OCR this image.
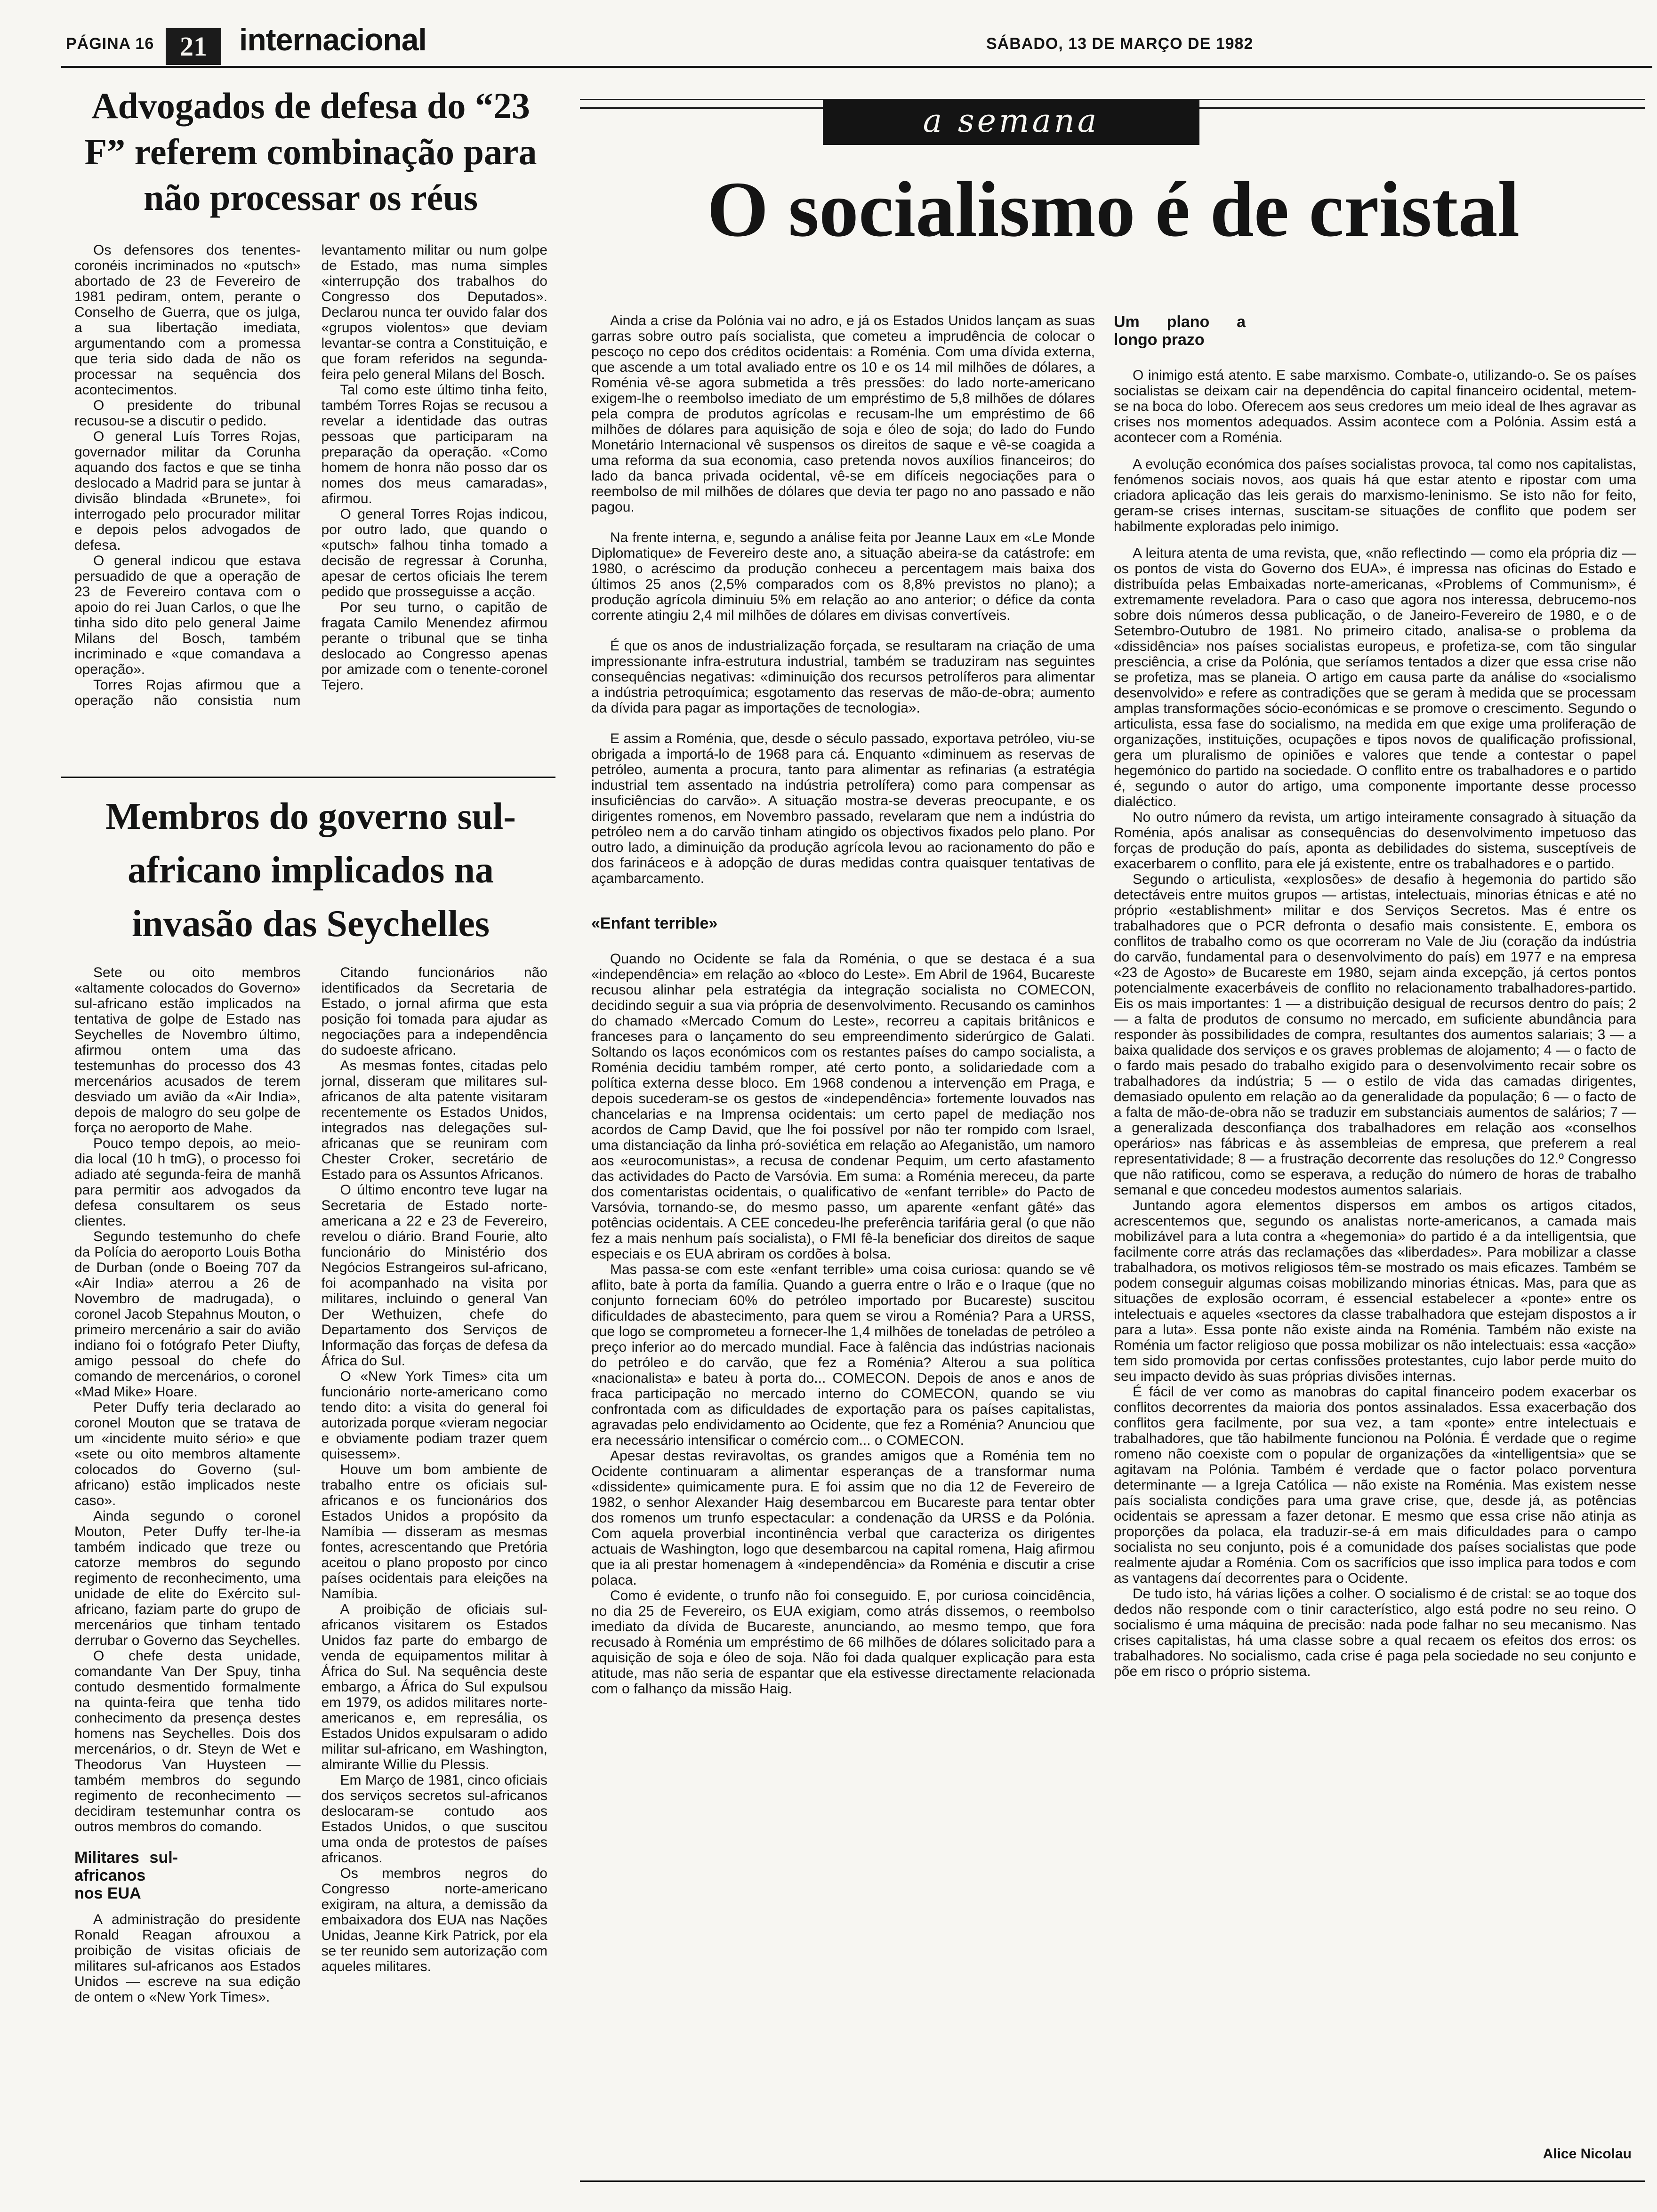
PÁGINA 16 21	internacional	SÁBADO, 13 DE MARÇO DE 1982
Advogados de defesa do “23 F” referem combinação para não processar os réus

Os defensores dos tenentes-coronéis incriminados no «putsch» abortado de 23 de Fevereiro de 1981 pediram, ontem, perante o Conselho de Guerra, que os julga, a sua libertação imediata, argumentando com a promessa que teria sido dada de não os processar na sequência dos acontecimentos.

O presidente do tribunal recusou-se a discutir o pedido.

O general Luís Torres Rojas, governador militar da Corunha aquando dos factos e que se tinha deslocado a Madrid para se juntar à divisão blindada «Brunete», foi interrogado pelo procurador militar e depois pelos advogados de defesa.

O general indicou que estava persuadido de que a operação de 23 de Fevereiro contava com o apoio do rei Juan Carlos, o que lhe tinha sido dito pelo general Jaime Milans del Bosch, também incriminado e «que comandava a operação».

Torres Rojas afirmou que a operação não consistia num levantamento militar ou num golpe de Estado, mas numa simples «interrupção dos trabalhos do Congresso dos Deputados». Declarou nunca ter ouvido falar dos «grupos violentos» que deviam levantar-se contra a Constituição, e que foram referidos na segunda-feira pelo general Milans del Bosch.

Tal como este último tinha feito, também Torres Rojas se recusou a revelar a identidade das outras pessoas que participaram na preparação da operação. «Como homem de honra não posso dar os nomes dos meus camaradas», afirmou.

O general Torres Rojas indicou, por outro lado, que quando o «putsch» falhou tinha tomado a decisão de regressar à Corunha, apesar de certos oficiais lhe terem pedido que prosseguisse a acção.

Por seu turno, o capitão de fragata Camilo Menendez afirmou perante o tribunal que se tinha deslocado ao Congresso apenas por amizade com o tenente-coronel Tejero.

Membros do governo sul-africano implicados na invasão das Seychelles

Sete ou oito membros «altamente colocados do Governo» sul-africano estão implicados na tentativa de golpe de Estado nas Seychelles de Novembro último, afirmou ontem uma das testemunhas do processo dos 43 mercenários acusados de terem desviado um avião da «Air India», depois de malogro do seu golpe de força no aeroporto de Mahe.

Pouco tempo depois, ao meio-dia local (10 h tmG), o processo foi adiado até segunda-feira de manhã para permitir aos advogados da defesa consultarem os seus clientes.

Segundo testemunho do chefe da Polícia do aeroporto Louis Botha de Durban (onde o Boeing 707 da «Air India» aterrou a 26 de Novembro de madrugada), o coronel Jacob Stepahnus Mouton, o primeiro mercenário a sair do avião indiano foi o fotógrafo Peter Diufty, amigo pessoal do chefe do comando de mercenários, o coronel «Mad Mike» Hoare.

Peter Duffy teria declarado ao coronel Mouton que se tratava de um «incidente muito sério» e que «sete ou oito membros altamente colocados do Governo (sul-africano) estão implicados neste caso».

Ainda segundo o coronel Mouton, Peter Duffy ter-lhe-ia também indicado que treze ou catorze membros do segundo regimento de reconhecimento, uma unidade de elite do Exército sul-africano, faziam parte do grupo de mercenários que tinham tentado derrubar o Governo das Seychelles.

O chefe desta unidade, comandante Van Der Spuy, tinha contudo desmentido formalmente na quinta-feira que tenha tido conhecimento da presença destes homens nas Seychelles. Dois dos mercenários, o dr. Steyn de Wet e Theodorus Van Huysteen — também membros do segundo regimento de reconhecimento — decidiram testemunhar contra os outros membros do comando.

Militares sul-africanos nos EUA

A administração do presidente Ronald Reagan afrouxou a proibição de visitas oficiais de militares sul-africanos aos Estados Unidos — escreve na sua edição de ontem o «New York Times».

Citando funcionários não identificados da Secretaria de Estado, o jornal afirma que esta posição foi tomada para ajudar as negociações para a independência do sudoeste africano.

As mesmas fontes, citadas pelo jornal, disseram que militares sul-africanos de alta patente visitaram recentemente os Estados Unidos, integrados nas delegações sul-africanas que se reuniram com Chester Croker, secretário de Estado para os Assuntos Africanos.

O último encontro teve lugar na Secretaria de Estado norte-americana a 22 e 23 de Fevereiro, revelou o diário. Brand Fourie, alto funcionário do Ministério dos Negócios Estrangeiros sul-africano, foi acompanhado na visita por militares, incluindo o general Van Der Wethuizen, chefe do Departamento dos Serviços de Informação das forças de defesa da África do Sul.

O «New York Times» cita um funcionário norte-americano como tendo dito: a visita do general foi autorizada porque «vieram negociar e obviamente podiam trazer quem quisessem».

Houve um bom ambiente de trabalho entre os oficiais sul-africanos e os funcionários dos Estados Unidos a propósito da Namíbia — disseram as mesmas fontes, acrescentando que Pretória aceitou o plano proposto por cinco países ocidentais para eleições na Namíbia.

A proibição de oficiais sul-africanos visitarem os Estados Unidos faz parte do embargo de venda de equipamentos militar à África do Sul. Na sequência deste embargo, a África do Sul expulsou em 1979, os adidos militares norte-americanos e, em represália, os Estados Unidos expulsaram o adido militar sul-africano, em Washington, almirante Willie du Plessis.

Em Março de 1981, cinco oficiais dos serviços secretos sul-africanos deslocaram-se contudo aos Estados Unidos, o que suscitou uma onda de protestos de países africanos.

Os membros negros do Congresso norte-americano exigiram, na altura, a demissão da embaixadora dos EUA nas Nações Unidas, Jeanne Kirk Patrick, por ela se ter reunido sem autorização com aqueles militares.

a semana
O socialismo é de cristal

Ainda a crise da Polónia vai no adro, e já os Estados Unidos lançam as suas garras sobre outro país socialista, que cometeu a imprudência de colocar o pescoço no cepo dos créditos ocidentais: a Roménia. Com uma dívida externa, que ascende a um total avaliado entre os 10 e os 14 mil milhões de dólares, a Roménia vê-se agora submetida a três pressões: do lado norte-americano exigem-lhe o reembolso imediato de um empréstimo de 5,8 milhões de dólares pela compra de produtos agrícolas e recusam-lhe um empréstimo de 66 milhões de dólares para aquisição de soja e óleo de soja; do lado do Fundo Monetário Internacional vê suspensos os direitos de saque e vê-se coagida a uma reforma da sua economia, caso pretenda novos auxílios financeiros; do lado da banca privada ocidental, vê-se em difíceis negociações para o reembolso de mil milhões de dólares que devia ter pago no ano passado e não pagou.

Na frente interna, e, segundo a análise feita por Jeanne Laux em «Le Monde Diplomatique» de Fevereiro deste ano, a situação abeira-se da catástrofe: em 1980, o acréscimo da produção conheceu a percentagem mais baixa dos últimos 25 anos (2,5% comparados com os 8,8% previstos no plano); a produção agrícola diminuiu 5% em relação ao ano anterior; o défice da conta corrente atingiu 2,4 mil milhões de dólares em divisas convertíveis.

É que os anos de industrialização forçada, se resultaram na criação de uma impressionante infra-estrutura industrial, também se traduziram nas seguintes consequências negativas: «diminuição dos recursos petrolíferos para alimentar a indústria petroquímica; esgotamento das reservas de mão-de-obra; aumento da dívida para pagar as importações de tecnologia».

E assim a Roménia, que, desde o século passado, exportava petróleo, viu-se obrigada a importá-lo de 1968 para cá. Enquanto «diminuem as reservas de petróleo, aumenta a procura, tanto para alimentar as refinarias (a estratégia industrial tem assentado na indústria petrolífera) como para compensar as insuficiências do carvão». A situação mostra-se deveras preocupante, e os dirigentes romenos, em Novembro passado, revelaram que nem a indústria do petróleo nem a do carvão tinham atingido os objectivos fixados pelo plano. Por outro lado, a diminuição da produção agrícola levou ao racionamento do pão e dos farináceos e à adopção de duras medidas contra quaisquer tentativas de açambarcamento.

«Enfant terrible»

Quando no Ocidente se fala da Roménia, o que se destaca é a sua «independência» em relação ao «bloco do Leste». Em Abril de 1964, Bucareste recusou alinhar pela estratégia da integração socialista no COMECON, decidindo seguir a sua via própria de desenvolvimento. Recusando os caminhos do chamado «Mercado Comum do Leste», recorreu a capitais britânicos e franceses para o lançamento do seu empreendimento siderúrgico de Galati. Soltando os laços económicos com os restantes países do campo socialista, a Roménia decidiu também romper, até certo ponto, a solidariedade com a política externa desse bloco. Em 1968 condenou a intervenção em Praga, e depois sucederam-se os gestos de «independência» fortemente louvados nas chancelarias e na Imprensa ocidentais: um certo papel de mediação nos acordos de Camp David, que lhe foi possível por não ter rompido com Israel, uma distanciação da linha pró-soviética em relação ao Afeganistão, um namoro aos «eurocomunistas», a recusa de condenar Pequim, um certo afastamento das actividades do Pacto de Varsóvia. Em suma: a Roménia mereceu, da parte dos comentaristas ocidentais, o qualificativo de «enfant terrible» do Pacto de Varsóvia, tornando-se, do mesmo passo, um aparente «enfant gâté» das potências ocidentais. A CEE concedeu-lhe preferência tarifária geral (o que não fez a mais nenhum país socialista), o FMI fê-la beneficiar dos direitos de saque especiais e os EUA abriram os cordões à bolsa.

Mas passa-se com este «enfant terrible» uma coisa curiosa: quando se vê aflito, bate à porta da família. Quando a guerra entre o Irão e o Iraque (que no conjunto forneciam 60% do petróleo importado por Bucareste) suscitou dificuldades de abastecimento, para quem se virou a Roménia? Para a URSS, que logo se comprometeu a fornecer-lhe 1,4 milhões de toneladas de petróleo a preço inferior ao do mercado mundial. Face à falência das indústrias nacionais do petróleo e do carvão, que fez a Roménia? Alterou a sua política «nacionalista» e bateu à porta do... COMECON. Depois de anos e anos de fraca participação no mercado interno do COMECON, quando se viu confrontada com as dificuldades de exportação para os países capitalistas, agravadas pelo endividamento ao Ocidente, que fez a Roménia? Anunciou que era necessário intensificar o comércio com... o COMECON.

Apesar destas reviravoltas, os grandes amigos que a Roménia tem no Ocidente continuaram a alimentar esperanças de a transformar numa «dissidente» quimicamente pura. E foi assim que no dia 12 de Fevereiro de 1982, o senhor Alexander Haig desembarcou em Bucareste para tentar obter dos romenos um trunfo espectacular: a condenação da URSS e da Polónia. Com aquela proverbial incontinência verbal que caracteriza os dirigentes actuais de Washington, logo que desembarcou na capital romena, Haig afirmou que ia ali prestar homenagem à «independência» da Roménia e discutir a crise polaca.

Como é evidente, o trunfo não foi conseguido. E, por curiosa coincidência, no dia 25 de Fevereiro, os EUA exigiam, como atrás dissemos, o reembolso imediato da dívida de Bucareste, anunciando, ao mesmo tempo, que fora recusado à Roménia um empréstimo de 66 milhões de dólares solicitado para a aquisição de soja e óleo de soja. Não foi dada qualquer explicação para esta atitude, mas não seria de espantar que ela estivesse directamente relacionada com o falhanço da missão Haig.

Um plano a longo prazo

O inimigo está atento. E sabe marxismo. Combate-o, utilizando-o. Se os países socialistas se deixam cair na dependência do capital financeiro ocidental, metem-se na boca do lobo. Oferecem aos seus credores um meio ideal de lhes agravar as crises nos momentos adequados. Assim acontece com a Polónia. Assim está a acontecer com a Roménia.

A evolução económica dos países socialistas provoca, tal como nos capitalistas, fenómenos sociais novos, aos quais há que estar atento e ripostar com uma criadora aplicação das leis gerais do marxismo-leninismo. Se isto não for feito, geram-se crises internas, suscitam-se situações de conflito que podem ser habilmente exploradas pelo inimigo.

A leitura atenta de uma revista, que, «não reflectindo — como ela própria diz — os pontos de vista do Governo dos EUA», é impressa nas oficinas do Estado e distribuída pelas Embaixadas norte-americanas, «Problems of Communism», é extremamente reveladora. Para o caso que agora nos interessa, debrucemo-nos sobre dois números dessa publicação, o de Janeiro-Fevereiro de 1980, e o de Setembro-Outubro de 1981. No primeiro citado, analisa-se o problema da «dissidência» nos países socialistas europeus, e profetiza-se, com tão singular presciência, a crise da Polónia, que seríamos tentados a dizer que essa crise não se profetiza, mas se planeia. O artigo em causa parte da análise do «socialismo desenvolvido» e refere as contradições que se geram à medida que se processam amplas transformações sócio-económicas e se promove o crescimento. Segundo o articulista, essa fase do socialismo, na medida em que exige uma proliferação de organizações, instituições, ocupações e tipos novos de qualificação profissional, gera um pluralismo de opiniões e valores que tende a contestar o papel hegemónico do partido na sociedade. O conflito entre os trabalhadores e o partido é, segundo o autor do artigo, uma componente importante desse processo dialéctico.

No outro número da revista, um artigo inteiramente consagrado à situação da Roménia, após analisar as consequências do desenvolvimento impetuoso das forças de produção do país, aponta as debilidades do sistema, susceptíveis de exacerbarem o conflito, para ele já existente, entre os trabalhadores e o partido.

Segundo o articulista, «explosões» de desafio à hegemonia do partido são detectáveis entre muitos grupos — artistas, intelectuais, minorias étnicas e até no próprio «establishment» militar e dos Serviços Secretos. Mas é entre os trabalhadores que o PCR defronta o desafio mais consistente. E, embora os conflitos de trabalho como os que ocorreram no Vale de Jiu (coração da indústria do carvão, fundamental para o desenvolvimento do país) em 1977 e na empresa «23 de Agosto» de Bucareste em 1980, sejam ainda excepção, já certos pontos potencialmente exacerbáveis de conflito no relacionamento trabalhadores-partido. Eis os mais importantes: 1 — a distribuição desigual de recursos dentro do país; 2 — a falta de produtos de consumo no mercado, em suficiente abundância para responder às possibilidades de compra, resultantes dos aumentos salariais; 3 — a baixa qualidade dos serviços e os graves problemas de alojamento; 4 — o facto de o fardo mais pesado do trabalho exigido para o desenvolvimento recair sobre os trabalhadores da indústria; 5 — o estilo de vida das camadas dirigentes, demasiado opulento em relação ao da generalidade da população; 6 — o facto de a falta de mão-de-obra não se traduzir em substanciais aumentos de salários; 7 — a generalizada desconfiança dos trabalhadores em relação aos «conselhos operários» nas fábricas e às assembleias de empresa, que preferem a real representatividade; 8 — a frustração decorrente das resoluções do 12.º Congresso que não ratificou, como se esperava, a redução do número de horas de trabalho semanal e que concedeu modestos aumentos salariais.

Juntando agora elementos dispersos em ambos os artigos citados, acrescentemos que, segundo os analistas norte-americanos, a camada mais mobilizável para a luta contra a «hegemonia» do partido é a da intelligentsia, que facilmente corre atrás das reclamações das «liberdades». Para mobilizar a classe trabalhadora, os motivos religiosos têm-se mostrado os mais eficazes. Também se podem conseguir algumas coisas mobilizando minorias étnicas. Mas, para que as situações de explosão ocorram, é essencial estabelecer a «ponte» entre os intelectuais e aqueles «sectores da classe trabalhadora que estejam dispostos a ir para a luta». Essa ponte não existe ainda na Roménia. Também não existe na Roménia um factor religioso que possa mobilizar os não intelectuais: essa «acção» tem sido promovida por certas confissões protestantes, cujo labor perde muito do seu impacto devido às suas próprias divisões internas.

É fácil de ver como as manobras do capital financeiro podem exacerbar os conflitos decorrentes da maioria dos pontos assinalados. Essa exacerbação dos conflitos gera facilmente, por sua vez, a tam «ponte» entre intelectuais e trabalhadores, que tão habilmente funcionou na Polónia. É verdade que o regime romeno não coexiste com o popular de organizações da «intelligentsia» que se agitavam na Polónia. Também é verdade que o factor polaco porventura determinante — a Igreja Católica — não existe na Roménia. Mas existem nesse país socialista condições para uma grave crise, que, desde já, as potências ocidentais se apressam a fazer detonar. E mesmo que essa crise não atinja as proporções da polaca, ela traduzir-se-á em mais dificuldades para o campo socialista no seu conjunto, pois é a comunidade dos países socialistas que pode realmente ajudar a Roménia. Com os sacrifícios que isso implica para todos e com as vantagens daí decorrentes para o Ocidente.

De tudo isto, há várias lições a colher. O socialismo é de cristal: se ao toque dos dedos não responde com o tinir característico, algo está podre no seu reino. O socialismo é uma máquina de precisão: nada pode falhar no seu mecanismo. Nas crises capitalistas, há uma classe sobre a qual recaem os efeitos dos erros: os trabalhadores. No socialismo, cada crise é paga pela sociedade no seu conjunto e põe em risco o próprio sistema.

Alice Nicolau
